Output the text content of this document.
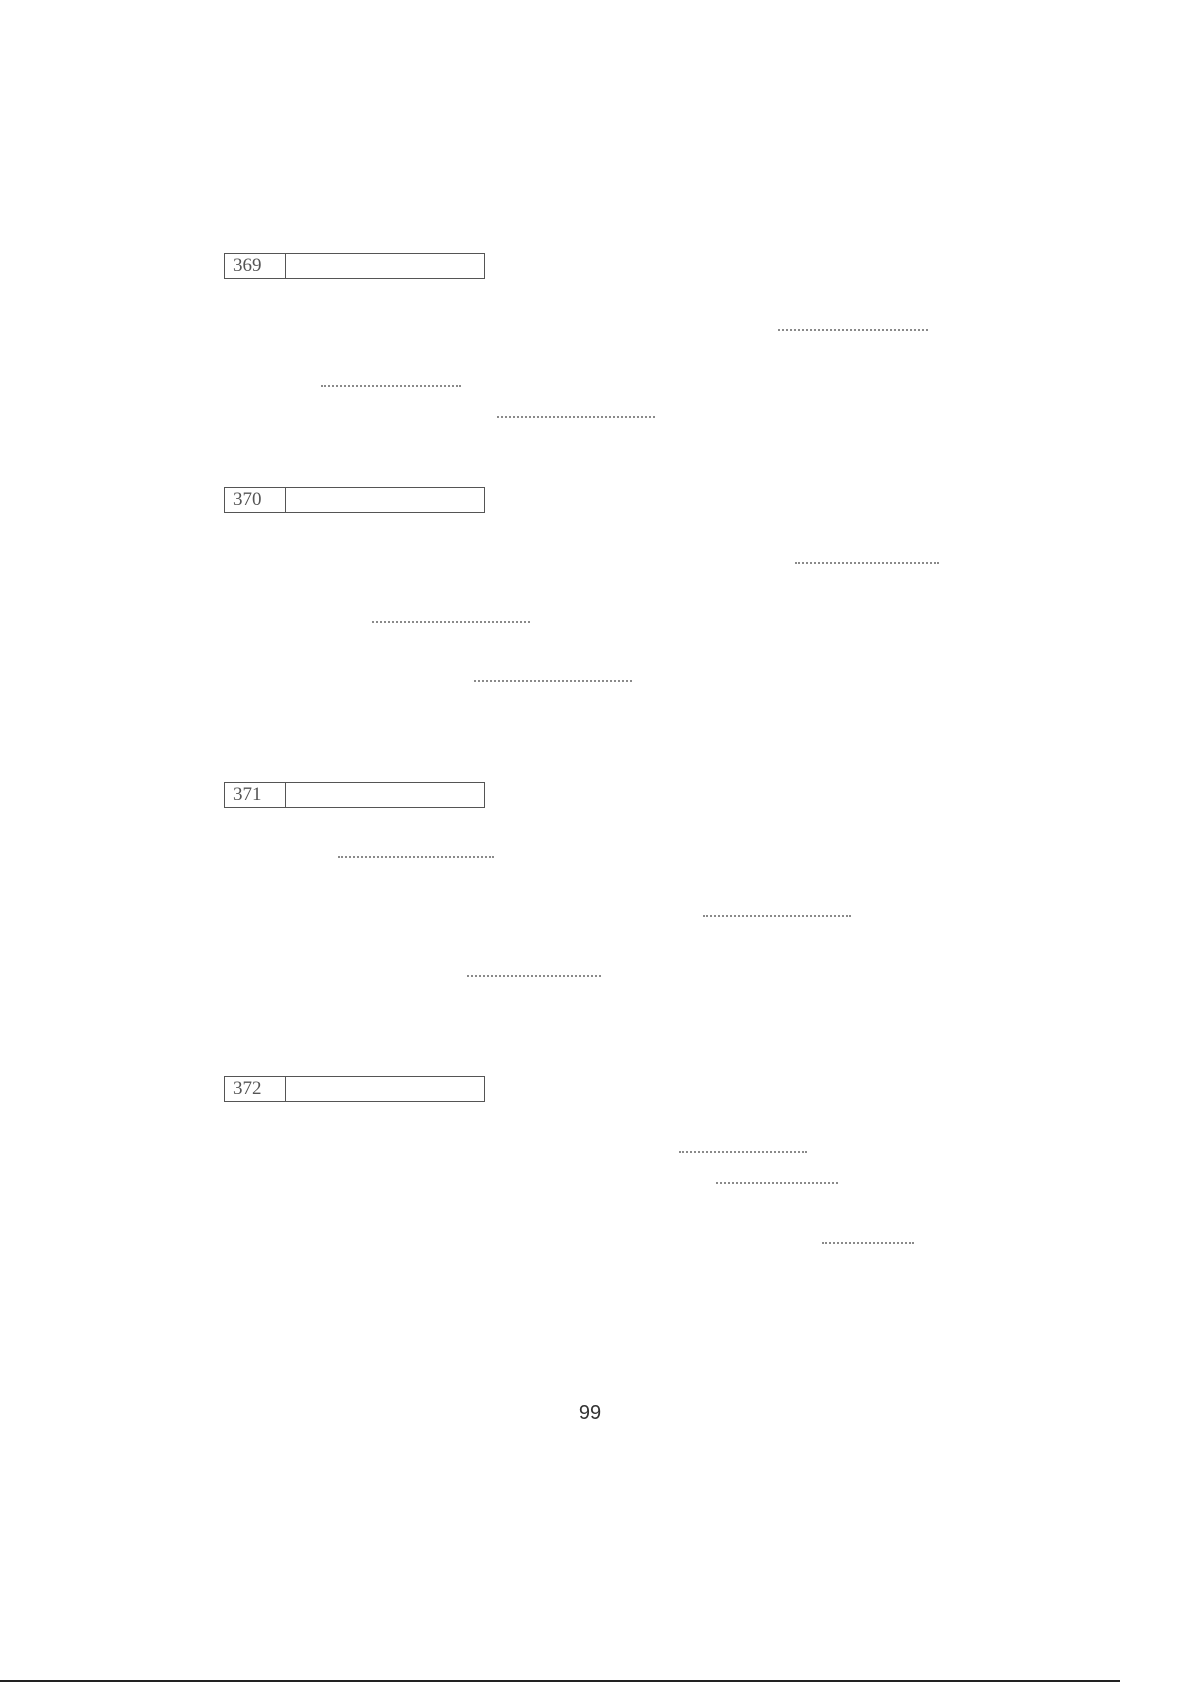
369
370
371
372
99
